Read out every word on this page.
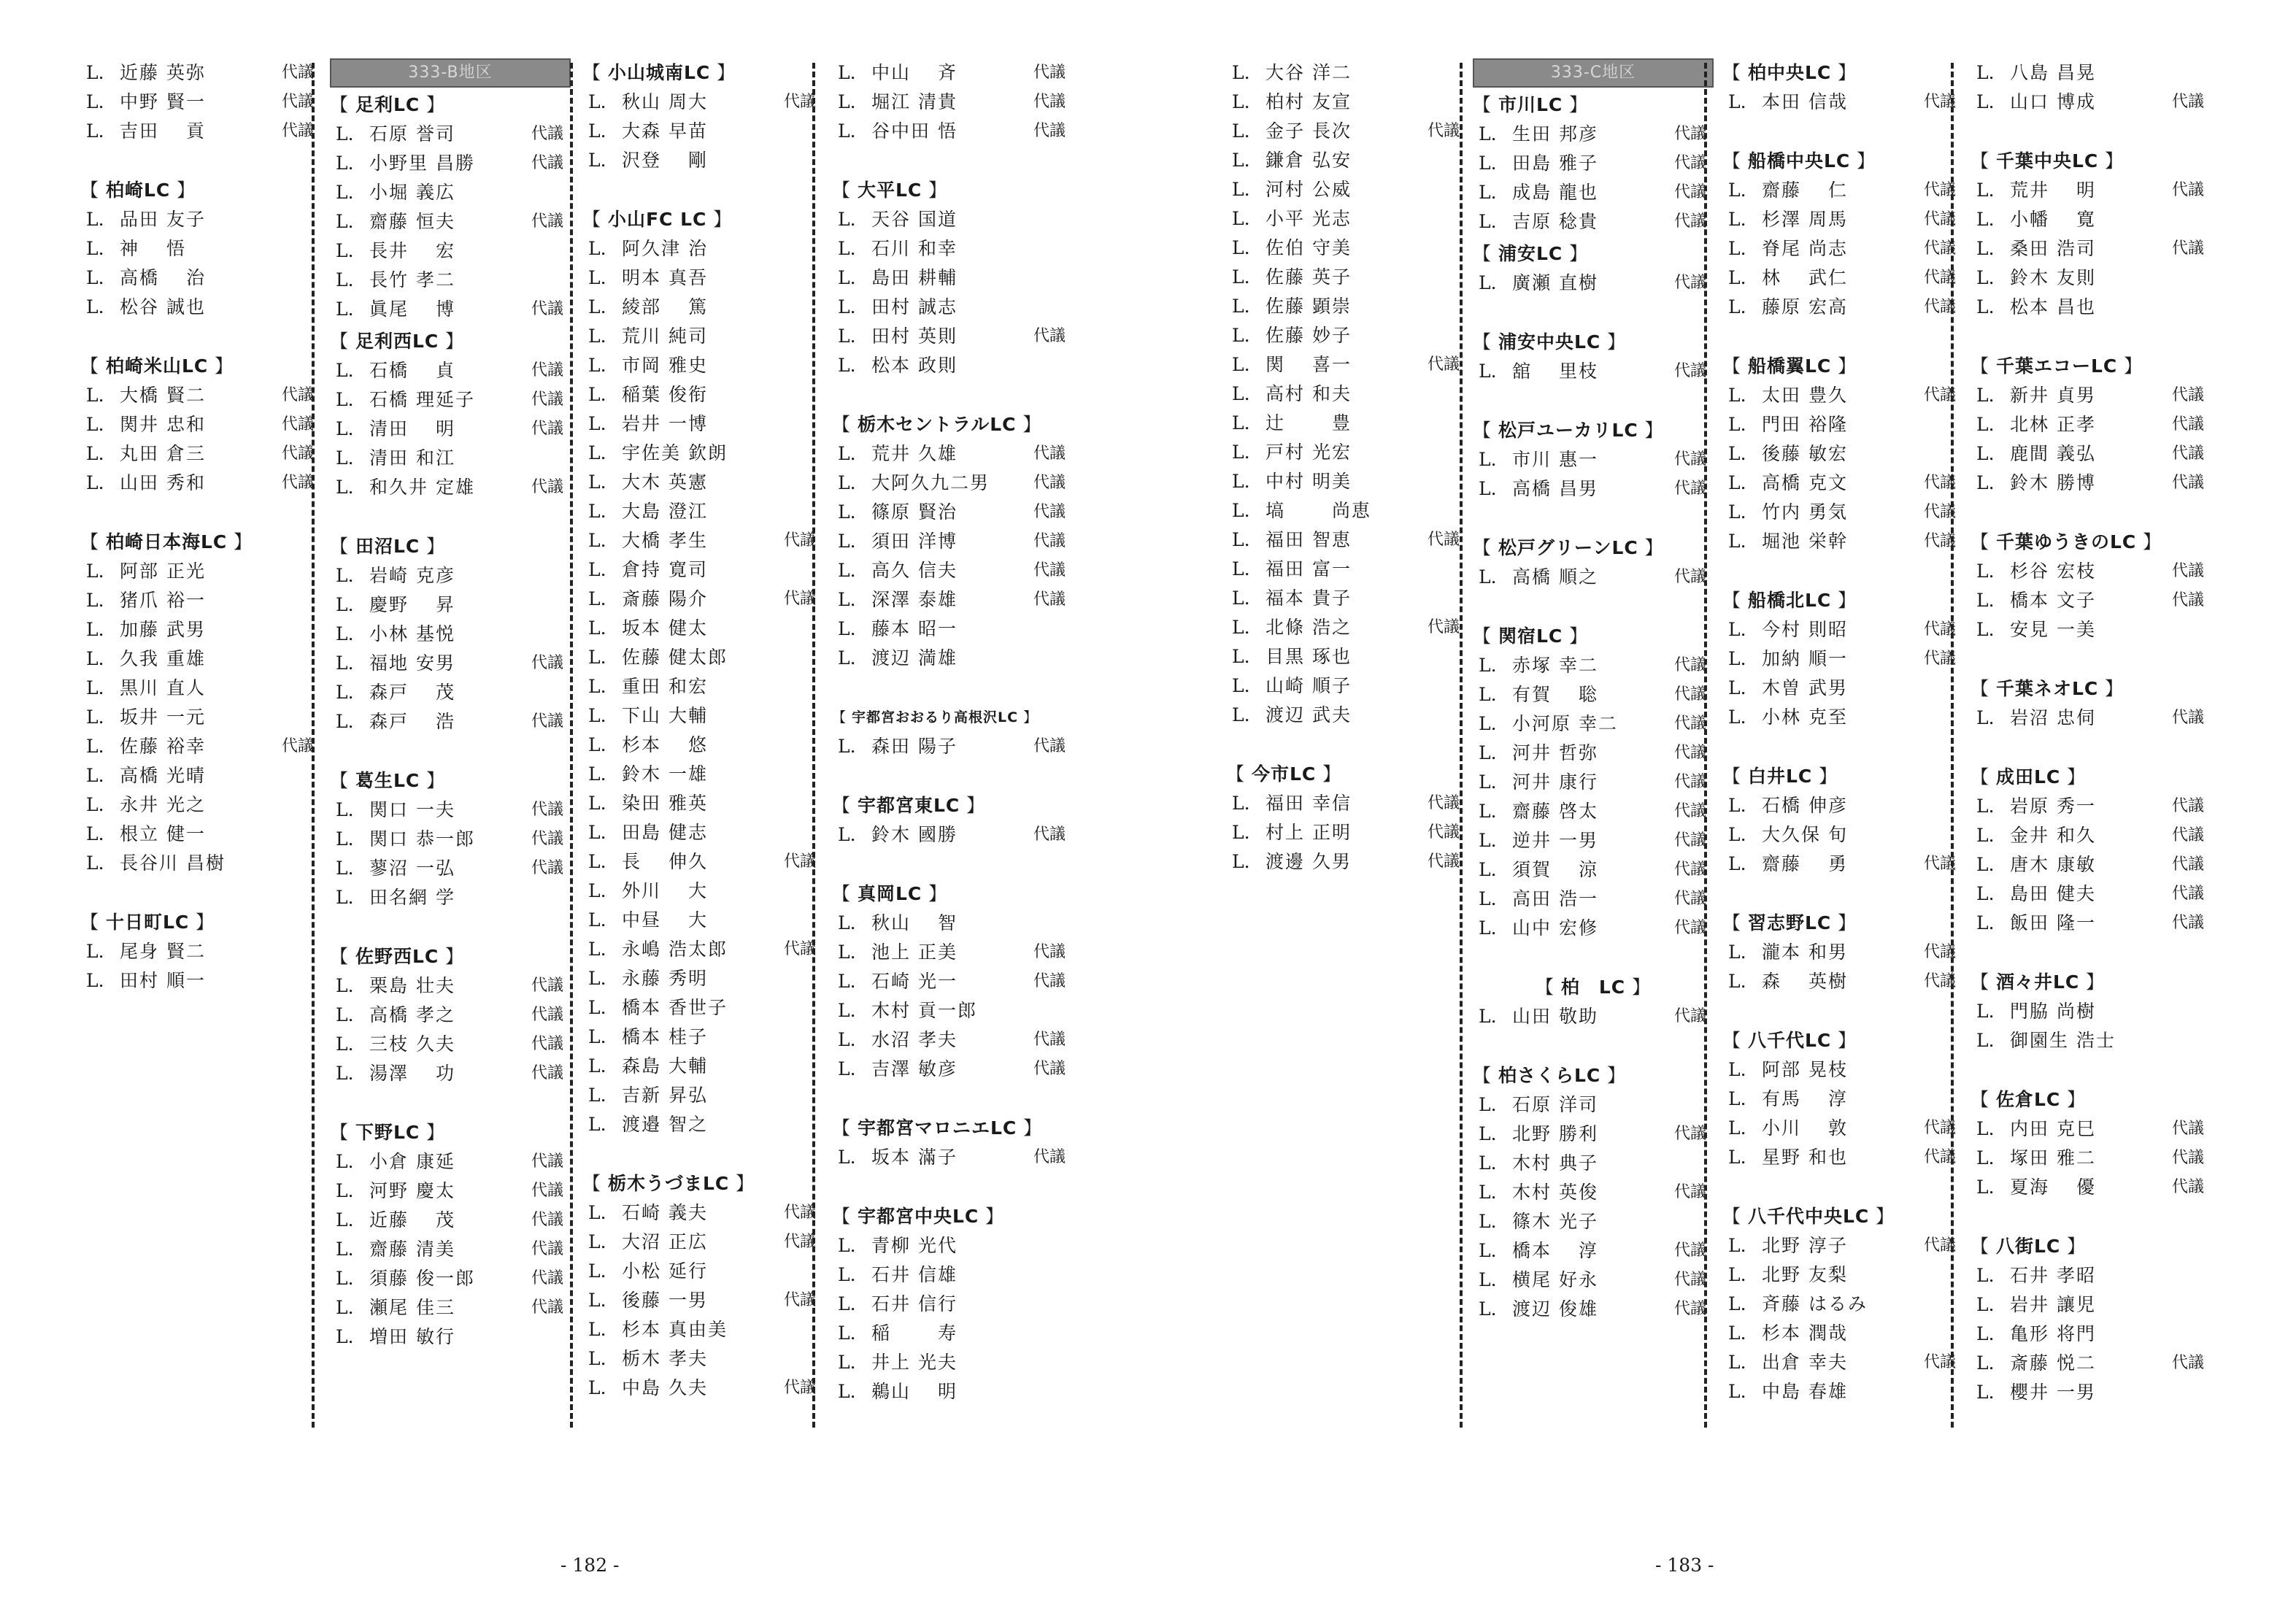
L. 近藤 英弥	代議
L. 中野 賢一	代議
L. 吉田　 貢	代議
【 柏崎LC 】
L. 品田 友子
L. 神　 悟
L. 高橋　 治
L. 松谷 誠也
【 柏崎米山LC 】
L. 大橋 賢二	代議
L. 関井 忠和	代議
L. 丸田 倉三	代議
L. 山田 秀和	代議
【 柏崎日本海LC 】
L. 阿部 正光
L. 猪爪 裕一
L. 加藤 武男
L. 久我 重雄
L. 黒川 直人
L. 坂井 一元
L. 佐藤 裕幸	代議
L. 高橋 光晴
L. 永井 光之
L. 根立 健一
L. 長谷川 昌樹
【 十日町LC 】
L. 尾身 賢二
L. 田村 順一
333-B地区
【 足利LC 】
L. 石原 誉司	代議
L. 小野里 昌勝	代議
L. 小堀 義広
L. 齋藤 恒夫	代議
L. 長井　 宏
L. 長竹 孝二
L. 眞尾　 博	代議
【 足利西LC 】
L. 石橋　 貞	代議
L. 石橋 理延子	代議
L. 清田　 明	代議
L. 清田 和江
L. 和久井 定雄	代議
【 田沼LC 】
L. 岩崎 克彦
L. 慶野　 昇
L. 小林 基悦
L. 福地 安男	代議
L. 森戸　 茂
L. 森戸　 浩	代議
【 葛生LC 】
L. 関口 一夫	代議
L. 関口 恭一郎	代議
L. 蓼沼 一弘	代議
L. 田名網 学
【 佐野西LC 】
L. 栗島 壮夫	代議
L. 高橋 孝之	代議
L. 三枝 久夫	代議
L. 湯澤　 功	代議
【 下野LC 】
L. 小倉 康延	代議
L. 河野 慶太	代議
L. 近藤　 茂	代議
L. 齋藤 清美	代議
L. 須藤 俊一郎	代議
L. 瀬尾 佳三	代議
L. 増田 敏行
【 小山城南LC 】
L. 秋山 周大	代議
L. 大森 早苗
L. 沢登　 剛
【 小山FC LC 】
L. 阿久津 治
L. 明本 真吾
L. 綾部　 篤
L. 荒川 純司
L. 市岡 雅史
L. 稲葉 俊衔
L. 岩井 一博
L. 宇佐美 欽朗
L. 大木 英憲
L. 大島 澄江
L. 大橋 孝生	代議
L. 倉持 寛司
L. 斎藤 陽介	代議
L. 坂本 健太
L. 佐藤 健太郎
L. 重田 和宏
L. 下山 大輔
L. 杉本　 悠
L. 鈴木 一雄
L. 染田 雅英
L. 田島 健志
L. 長　 伸久	代議
L. 外川　 大
L. 中昼　 大
L. 永嶋 浩太郎	代議
L. 永藤 秀明
L. 橋本 香世子
L. 橋本 桂子
L. 森島 大輔
L. 吉新 昇弘
L. 渡邉 智之
【 栃木うづまLC 】
L. 石崎 義夫	代議
L. 大沼 正広	代議
L. 小松 延行
L. 後藤 一男	代議
L. 杉本 真由美
L. 栃木 孝夫
L. 中島 久夫	代議
L. 中山　 斉	代議
L. 堀江 清貴	代議
L. 谷中田 悟	代議
【 大平LC 】
L. 天谷 国道
L. 石川 和幸
L. 島田 耕輔
L. 田村 誠志
L. 田村 英則	代議
L. 松本 政則
【 栃木セントラルLC 】
L. 荒井 久雄	代議
L. 大阿久九二男	代議
L. 篠原 賢治	代議
L. 須田 洋博	代議
L. 高久 信夫	代議
L. 深澤 泰雄	代議
L. 藤本 昭一
L. 渡辺 満雄
【 宇都宮おおるり高根沢LC 】
L. 森田 陽子	代議
【 宇都宮東LC 】
L. 鈴木 國勝	代議
【 真岡LC 】
L. 秋山　 智
L. 池上 正美	代議
L. 石崎 光一	代議
L. 木村 貢一郎
L. 水沼 孝夫	代議
L. 吉澤 敏彦	代議
【 宇都宮マロニエLC 】
L. 坂本 滿子	代議
【 宇都宮中央LC 】
L. 青柳 光代
L. 石井 信雄
L. 石井 信行
L. 稲　　 寿
L. 井上 光夫
L. 鵜山　 明
L. 大谷 洋二
L. 柏村 友宣
L. 金子 長次	代議
L. 鎌倉 弘安
L. 河村 公威
L. 小平 光志
L. 佐伯 守美
L. 佐藤 英子
L. 佐藤 顕崇
L. 佐藤 妙子
L. 関　 喜一	代議
L. 高村 和夫
L. 辻　　 豊
L. 戸村 光宏
L. 中村 明美
L. 塙　　 尚恵
L. 福田 智恵	代議
L. 福田 富一
L. 福本 貴子
L. 北條 浩之	代議
L. 目黒 琢也
L. 山崎 順子
L. 渡辺 武夫
【 今市LC 】
L. 福田 幸信	代議
L. 村上 正明	代議
L. 渡邊 久男	代議
333-C地区
【 市川LC 】
L. 生田 邦彦	代議
L. 田島 雅子	代議
L. 成島 龍也	代議
L. 吉原 稔貴	代議
【 浦安LC 】
L. 廣瀬 直樹	代議
【 浦安中央LC 】
L. 舘　 里枝	代議
【 松戸ユーカリLC 】
L. 市川 惠一	代議
L. 高橋 昌男	代議
【 松戸グリーンLC 】
L. 高橋 順之	代議
【 関宿LC 】
L. 赤塚 幸二	代議
L. 有賀　 聡	代議
L. 小河原 幸二	代議
L. 河井 哲弥	代議
L. 河井 康行	代議
L. 齋藤 啓太	代議
L. 逆井 一男	代議
L. 須賀　 涼	代議
L. 高田 浩一	代議
L. 山中 宏修	代議
【 柏　LC 】
L. 山田 敬助	代議
【 柏さくらLC 】
L. 石原 洋司
L. 北野 勝利	代議
L. 木村 典子
L. 木村 英俊	代議
L. 篠木 光子
L. 橋本　 淳	代議
L. 横尾 好永	代議
L. 渡辺 俊雄	代議
【 柏中央LC 】
L. 本田 信哉	代議
【 船橋中央LC 】
L. 齋藤　 仁	代議
L. 杉澤 周馬	代議
L. 脊尾 尚志	代議
L. 林　 武仁	代議
L. 藤原 宏高	代議
【 船橋翼LC 】
L. 太田 豊久	代議
L. 門田 裕隆
L. 後藤 敏宏
L. 高橋 克文	代議
L. 竹内 勇気	代議
L. 堀池 栄幹	代議
【 船橋北LC 】
L. 今村 則昭	代議
L. 加納 順一	代議
L. 木曽 武男
L. 小林 克至
【 白井LC 】
L. 石橋 伸彦
L. 大久保 旬
L. 齋藤　 勇	代議
【 習志野LC 】
L. 瀧本 和男	代議
L. 森　 英樹	代議
【 八千代LC 】
L. 阿部 晃枝
L. 有馬　 淳
L. 小川　 敦	代議
L. 星野 和也	代議
【 八千代中央LC 】
L. 北野 淳子	代議
L. 北野 友梨
L. 斉藤 はるみ
L. 杉本 潤哉
L. 出倉 幸夫	代議
L. 中島 春雄
L. 八島 昌晃
L. 山口 博成	代議
【 千葉中央LC 】
L. 荒井　 明	代議
L. 小幡　 寛
L. 桑田 浩司	代議
L. 鈴木 友則
L. 松本 昌也
【 千葉エコーLC 】
L. 新井 貞男	代議
L. 北林 正孝	代議
L. 鹿間 義弘	代議
L. 鈴木 勝博	代議
【 千葉ゆうきのLC 】
L. 杉谷 宏枝	代議
L. 橋本 文子	代議
L. 安見 一美
【 千葉ネオLC 】
L. 岩沼 忠伺	代議
【 成田LC 】
L. 岩原 秀一	代議
L. 金井 和久	代議
L. 唐木 康敏	代議
L. 島田 健夫	代議
L. 飯田 隆一	代議
【 酒々井LC 】
L. 門脇 尚樹
L. 御園生 浩士
【 佐倉LC 】
L. 内田 克巳	代議
L. 塚田 雅二	代議
L. 夏海　 優	代議
【 八街LC 】
L. 石井 孝昭
L. 岩井 讓児
L. 亀形 将門
L. 斎藤 悦二	代議
L. 櫻井 一男
- 182 -	- 183 -
